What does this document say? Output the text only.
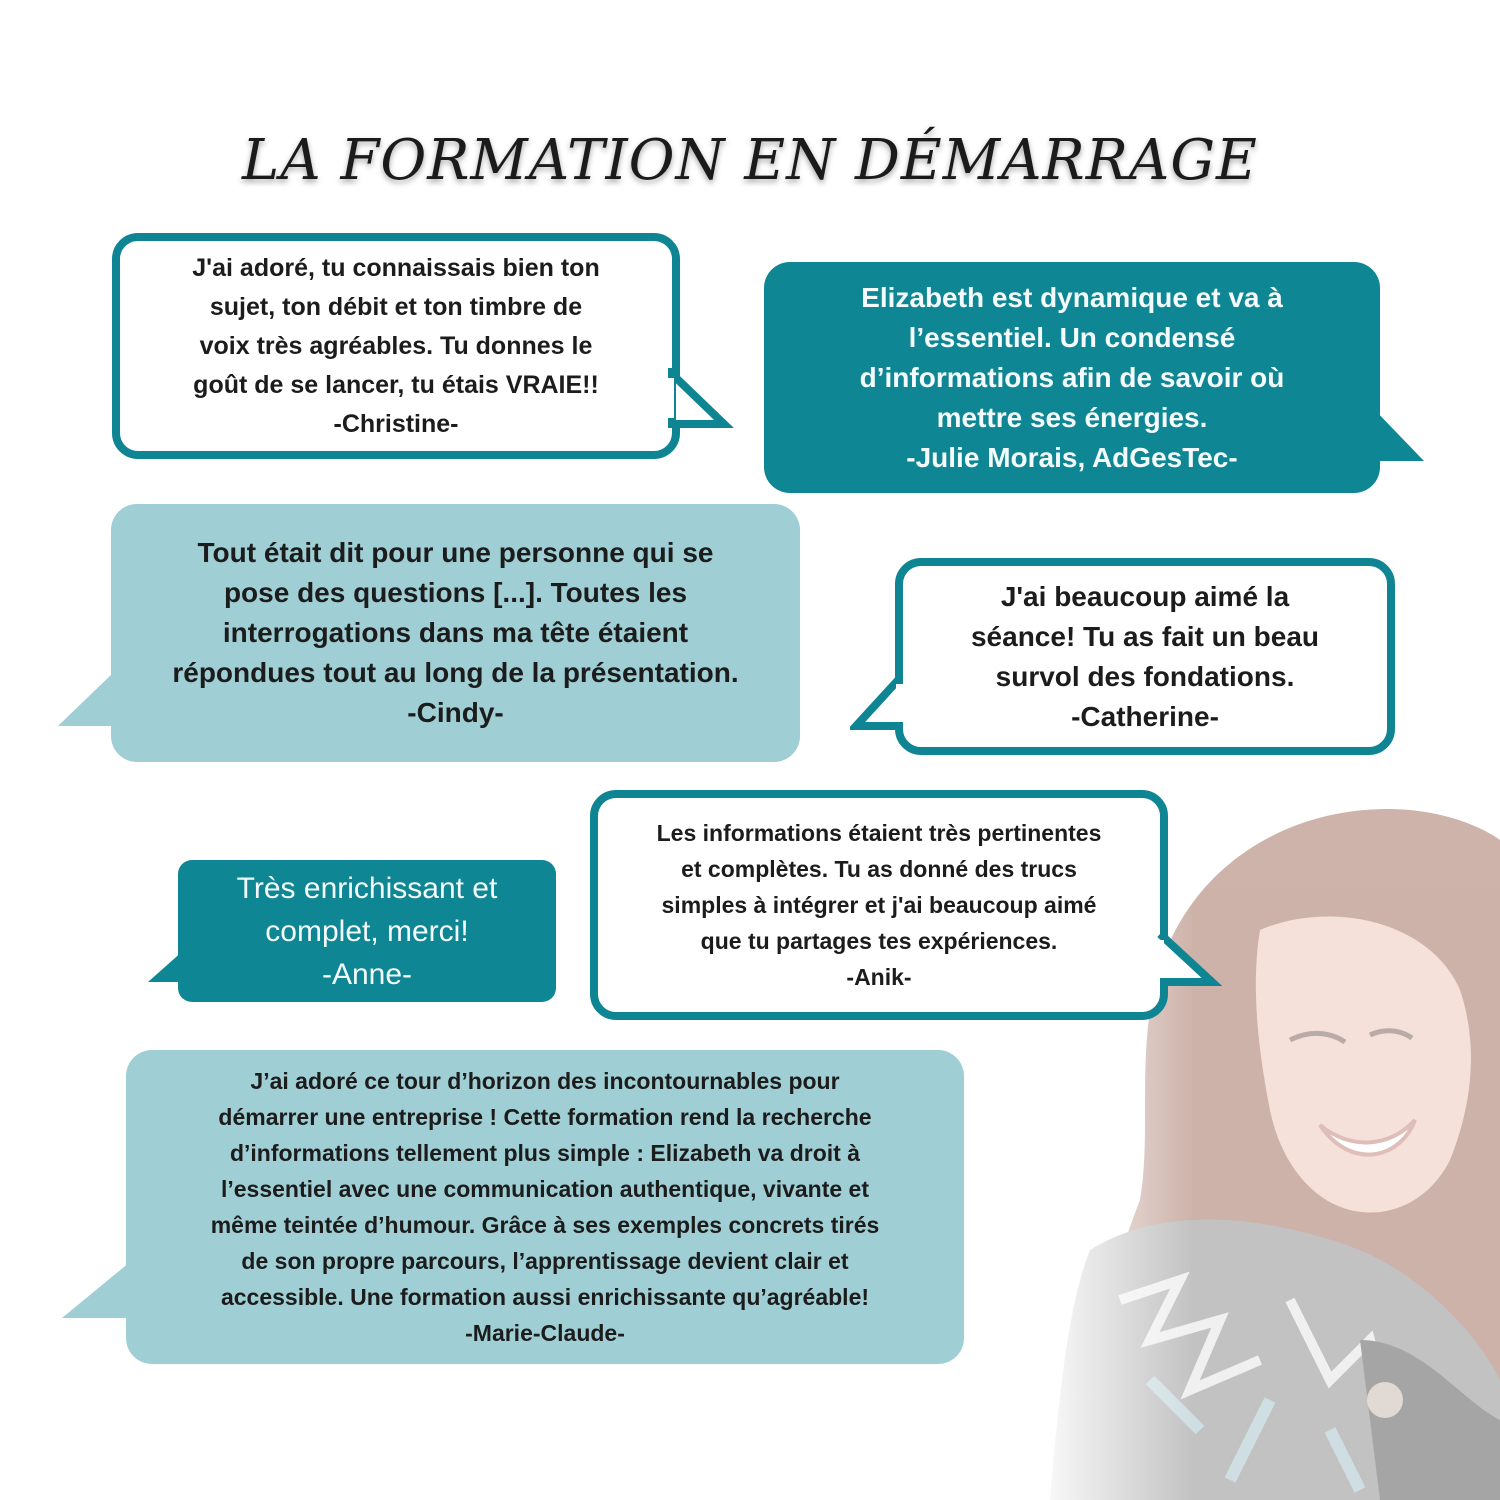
LA FORMATION EN DÉMARRAGE

J'ai adoré, tu connaissais bien ton

sujet, ton débit et ton timbre de

voix très agréables. Tu donnes le

goût de se lancer, tu étais VRAIE!!

-Christine-

Elizabeth est dynamique et va à

l’essentiel. Un condensé

d’informations afin de savoir où

mettre ses énergies.

-Julie Morais, AdGesTec-

Tout était dit pour une personne qui se

pose des questions [...]. Toutes les

interrogations dans ma tête étaient

répondues tout au long de la présentation.

-Cindy-

J'ai beaucoup aimé la

séance! Tu as fait un beau

survol des fondations.

-Catherine-

Les informations étaient très pertinentes

et complètes. Tu as donné des trucs

simples à intégrer et j'ai beaucoup aimé

que tu partages tes expériences.

-Anik-

Très enrichissant et

complet, merci!

-Anne-

J’ai adoré ce tour d’horizon des incontournables pour

démarrer une entreprise ! Cette formation rend la recherche

d’informations tellement plus simple : Elizabeth va droit à

l’essentiel avec une communication authentique, vivante et

même teintée d’humour. Grâce à ses exemples concrets tirés

de son propre parcours, l’apprentissage devient clair et

accessible. Une formation aussi enrichissante qu’agréable!

-Marie-Claude-
